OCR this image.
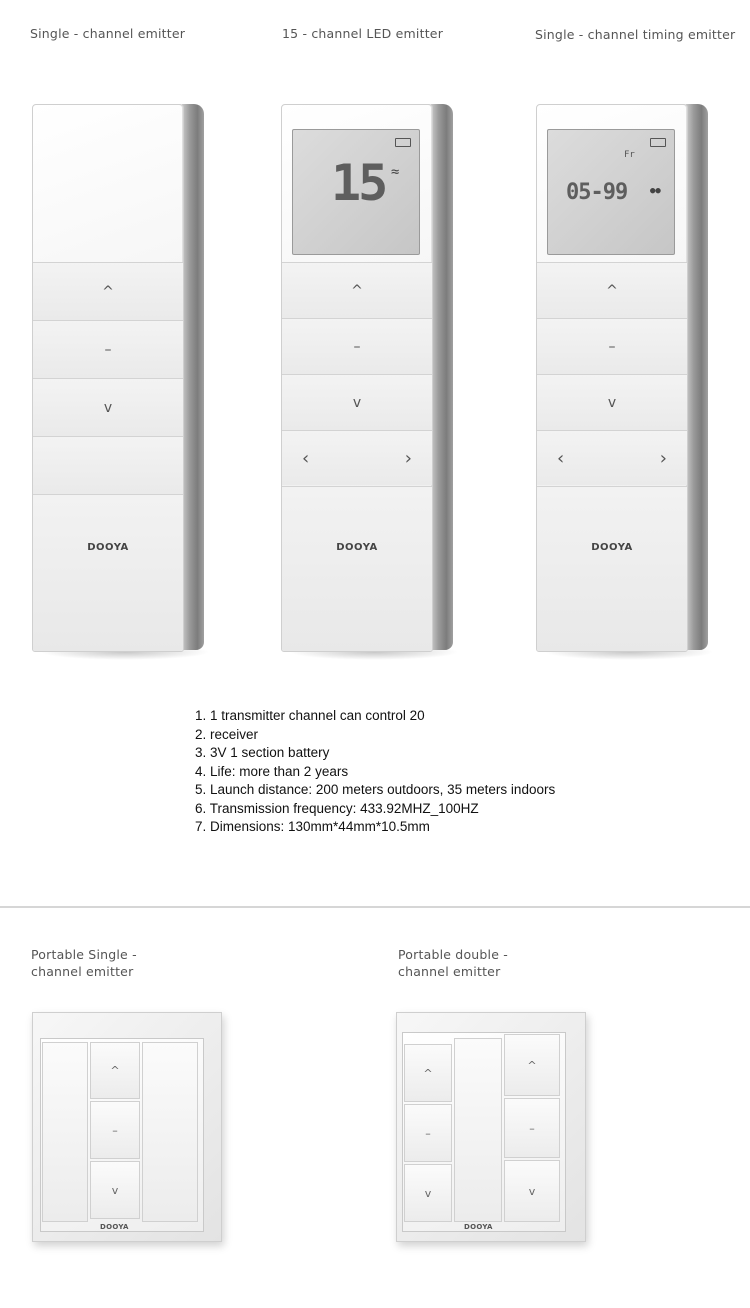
Single - channel emitter	15 - channel LED emitter	Single - channel timing emitter
^
–
v
DOOYA
15 ≈
^
–
v
‹	›
DOOYA
Fr
05-99	●●
^
–
v
‹	›
DOOYA
1. 1 transmitter channel can control 20
2. receiver
3. 3V 1 section battery
4. Life: more than 2 years
5. Launch distance: 200 meters outdoors, 35 meters indoors
6. Transmission frequency: 433.92MHZ_100HZ
7. Dimensions: 130mm*44mm*10.5mm
Portable Single -
channel emitter
Portable double -
channel emitter
^
–
v
DOOYA
^
–
v
^
–
v
DOOYA
